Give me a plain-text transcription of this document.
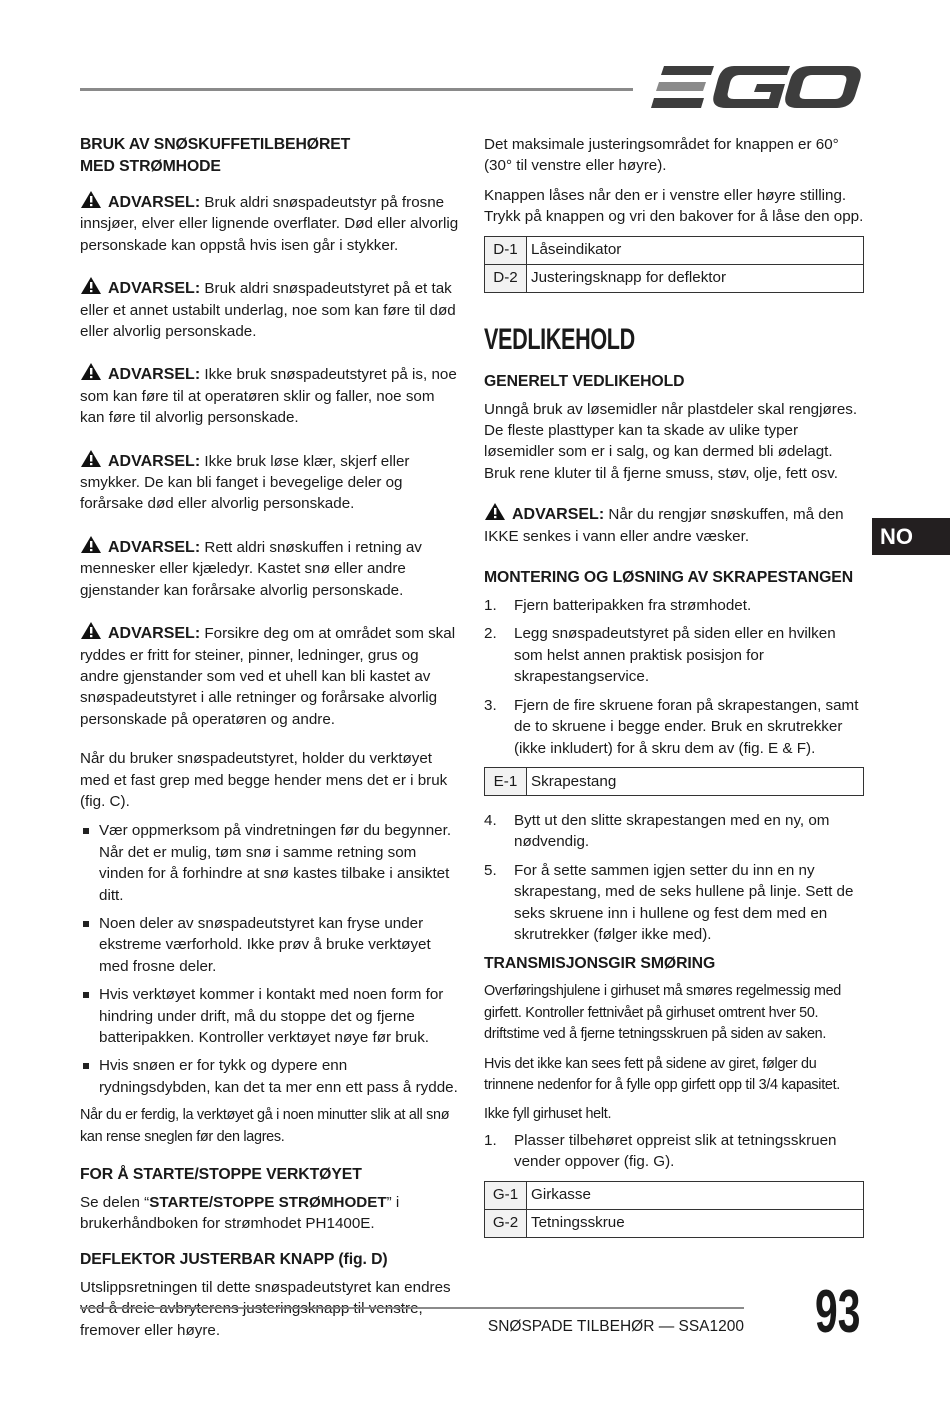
NO
BRUK AV SNØSKUFFETILBEHØRET MED STRØMHODE
ADVARSEL: Bruk aldri snøspadeutstyr på frosne innsjøer, elver eller lignende overflater. Død eller alvorlig personskade kan oppstå hvis isen går i stykker.
ADVARSEL: Bruk aldri snøspadeutstyret på et tak eller et annet ustabilt underlag, noe som kan føre til død eller alvorlig personskade.
ADVARSEL: Ikke bruk snøspadeutstyret på is, noe som kan føre til at operatøren sklir og faller, noe som kan føre til alvorlig personskade.
ADVARSEL: Ikke bruk løse klær, skjerf eller smykker. De kan bli fanget i bevegelige deler og forårsake død eller alvorlig personskade.
ADVARSEL: Rett aldri snøskuffen i retning av mennesker eller kjæledyr. Kastet snø eller andre gjenstander kan forårsake alvorlig personskade.
ADVARSEL: Forsikre deg om at området som skal ryddes er fritt for steiner, pinner, ledninger, grus og andre gjenstander som ved et uhell kan bli kastet av snøspadeutstyret i alle retninger og forårsake alvorlig personskade på operatøren og andre.

Når du bruker snøspadeutstyret, holder du verktøyet med et fast grep med begge hender mens det er i bruk (fig. C).

Vær oppmerksom på vindretningen før du begynner. Når det er mulig, tøm snø i samme retning som vinden for å forhindre at snø kastes tilbake i ansiktet ditt.
Noen deler av snøspadeutstyret kan fryse under ekstreme værforhold. Ikke prøv å bruke verktøyet med frosne deler.
Hvis verktøyet kommer i kontakt med noen form for hindring under drift, må du stoppe det og fjerne batteripakken. Kontroller verktøyet nøye før bruk.
Hvis snøen er for tykk og dypere enn rydningsdybden, kan det ta mer enn ett pass å rydde.

Når du er ferdig, la verktøyet gå i noen minutter slik at all snø kan rense sneglen før den lagres.

FOR Å STARTE/STOPPE VERKTØYET

Se delen “STARTE/STOPPE STRØMHODET” i brukerhåndboken for strømhodet PH1400E.

DEFLEKTOR JUSTERBAR KNAPP (fig. D)

Utslippsretningen til dette snøspadeutstyret kan endres fremover eller høyre.

Det maksimale justeringsområdet for knappen er 60° (30° til venstre eller høyre).

Knappen låses når den er i venstre eller høyre stilling. Trykk på knappen og vri den bakover for å låse den opp.

D-1	Låseindikator
D-2	Justeringsknapp for deflektor
VEDLIKEHOLD
GENERELT VEDLIKEHOLD

Unngå bruk av løsemidler når plastdeler skal rengjøres. De fleste plasttyper kan ta skade av ulike typer løsemidler som er i salg, og kan dermed bli ødelagt. Bruk rene kluter til å fjerne smuss, støv, olje, fett osv.

ADVARSEL: Når du rengjør snøskuffen, må den IKKE senkes i vann eller andre væsker.
MONTERING OG LØSNING AV SKRAPESTANGEN
1. Fjern batteripakken fra strømhodet.
2. Legg snøspadeutstyret på siden eller en hvilken som helst annen praktisk posisjon for skrapestangservice.
3. Fjern de fire skruene foran på skrapestangen, samt de to skruene i begge ender. Bruk en skrutrekker (ikke inkludert) for å skru dem av (fig. E & F).
E-1	Skrapestang
4. Bytt ut den slitte skrapestangen med en ny, om nødvendig.
5. For å sette sammen igjen setter du inn en ny skrapestang, med de seks hullene på linje. Sett de seks skruene inn i hullene og fest dem med en skrutrekker (følger ikke med).
TRANSMISJONSGIR SMØRING

Overføringshjulene i girhuset må smøres regelmessig med girfett. Kontroller fettnivået på girhuset omtrent hver 50. driftstime ved å fjerne tetningsskruen på siden av saken.

Hvis det ikke kan sees fett på sidene av giret, følger du trinnene nedenfor for å fylle opp girfett opp til 3/4 kapasitet.

Ikke fyll girhuset helt.

1. Plasser tilbehøret oppreist slik at tetningsskruen vender oppover (fig. G).
G-1	Girkasse
G-2	Tetningsskrue
SNØSPADE TILBEHØR — SSA1200 93
